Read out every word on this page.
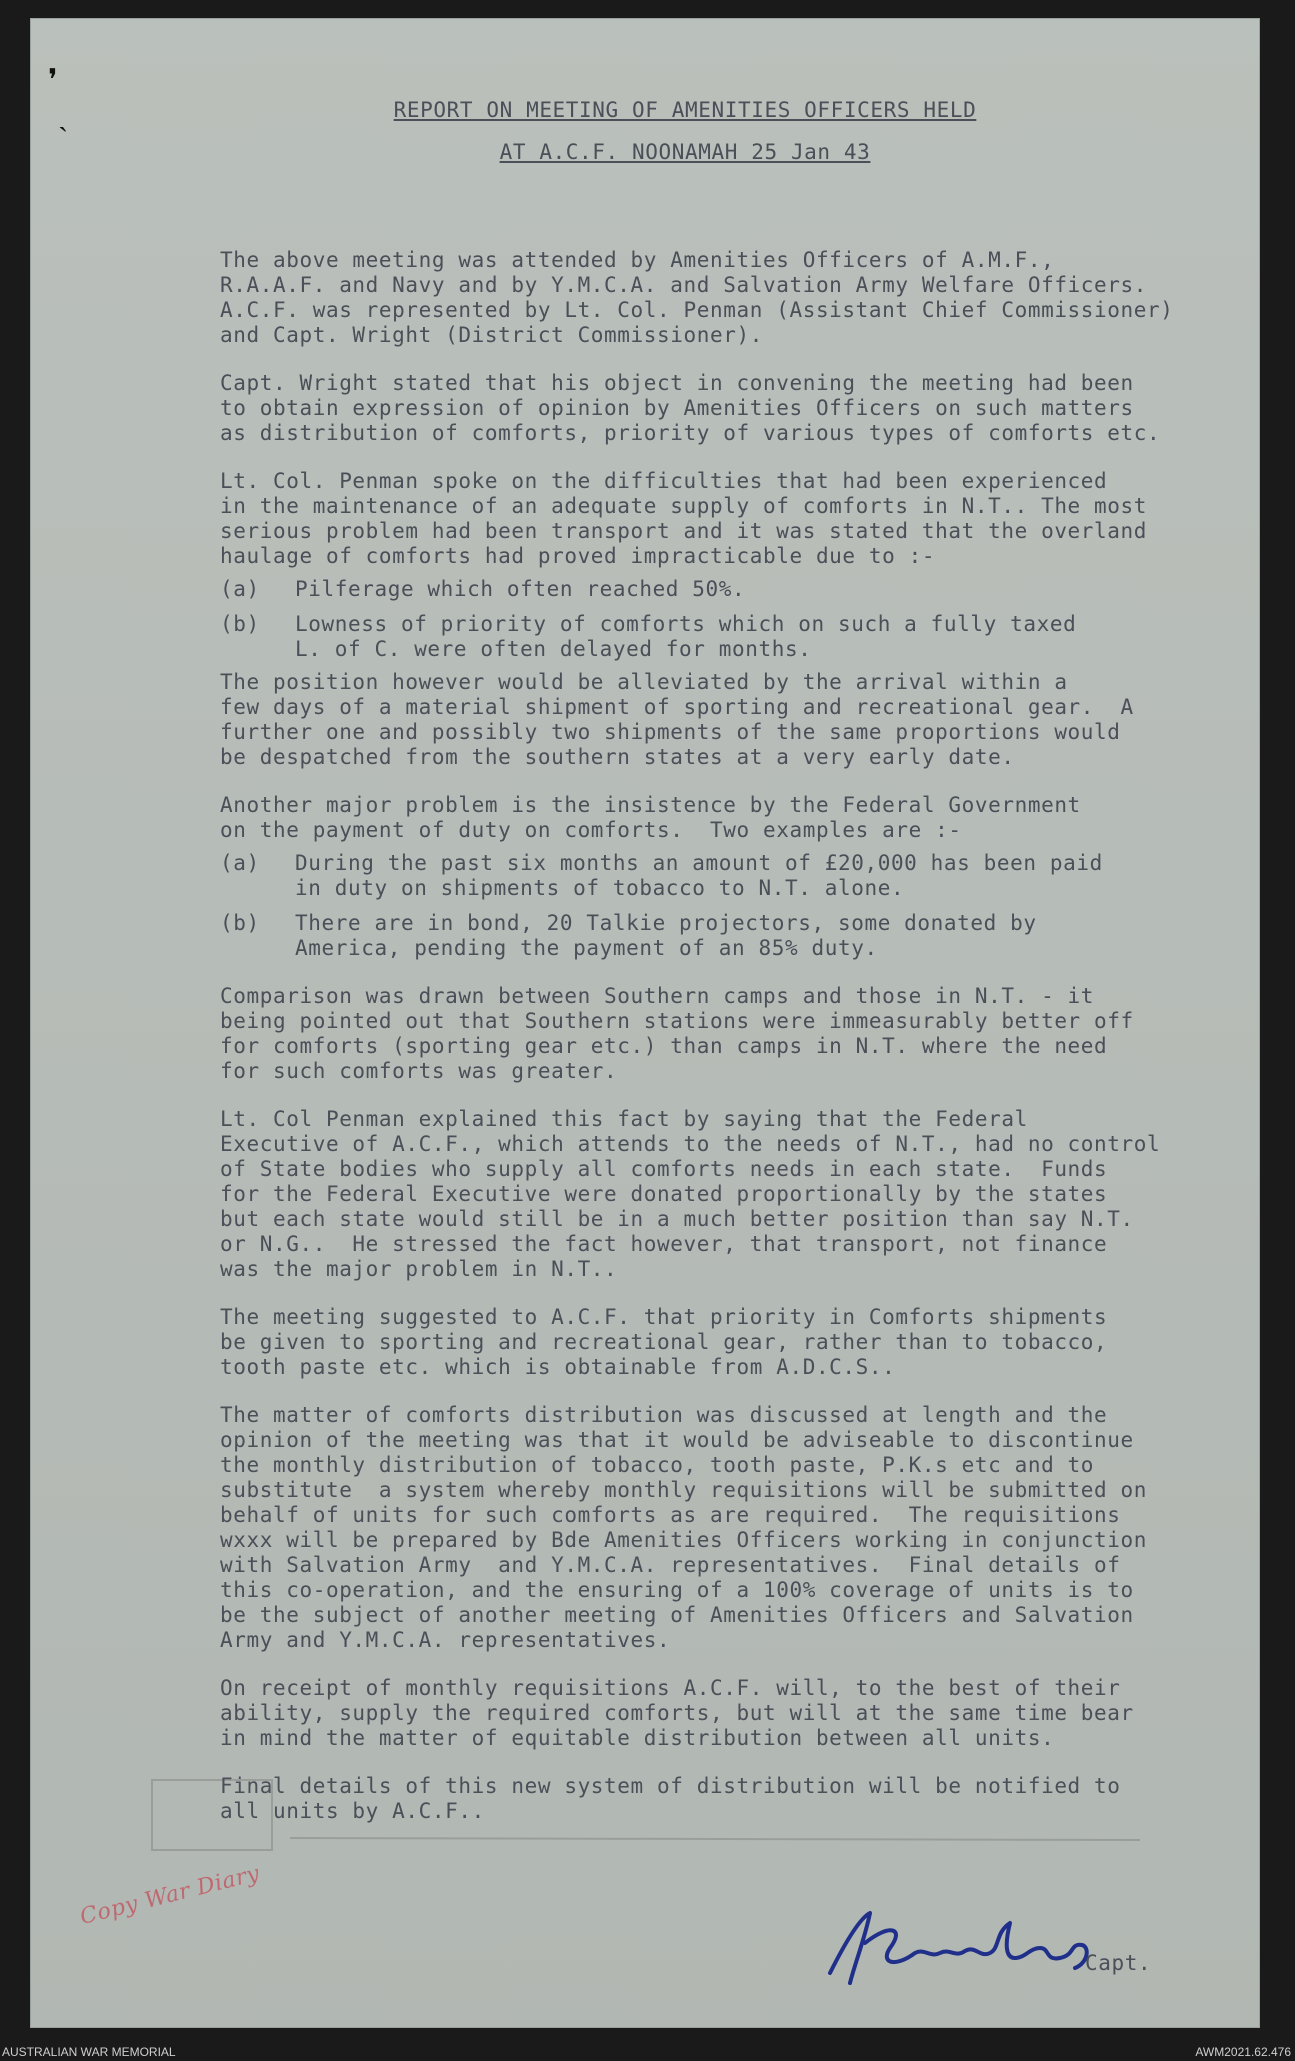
❜
ˏ	REPORT ON MEETING OF AMENITIES OFFICERS HELD
AT A.C.F. NOONAMAH 25 Jan 43

The above meeting was attended by Amenities Officers of A.M.F.,
R.A.A.F. and Navy and by Y.M.C.A. and Salvation Army Welfare Officers.
A.C.F. was represented by Lt. Col. Penman (Assistant Chief Commissioner)
and Capt. Wright (District Commissioner).

Capt. Wright stated that his object in convening the meeting had been
to obtain expression of opinion by Amenities Officers on such matters
as distribution of comforts, priority of various types of comforts etc.

Lt. Col. Penman spoke on the difficulties that had been experienced
in the maintenance of an adequate supply of comforts in N.T.. The most
serious problem had been transport and it was stated that the overland
haulage of comforts had proved impracticable due to :-

(a)	Pilferage which often reached 50%.
(b)	Lowness of priority of comforts which on such a fully taxed
L. of C. were often delayed for months.

The position however would be alleviated by the arrival within a
few days of a material shipment of sporting and recreational gear.  A
further one and possibly two shipments of the same proportions would
be despatched from the southern states at a very early date.

Another major problem is the insistence by the Federal Government
on the payment of duty on comforts.  Two examples are :-

(a)	During the past six months an amount of £20,000 has been paid
in duty on shipments of tobacco to N.T. alone.
(b)	There are in bond, 20 Talkie projectors, some donated by
America, pending the payment of an 85% duty.

Comparison was drawn between Southern camps and those in N.T. - it
being pointed out that Southern stations were immeasurably better off
for comforts (sporting gear etc.) than camps in N.T. where the need
for such comforts was greater.

Lt. Col Penman explained this fact by saying that the Federal
Executive of A.C.F., which attends to the needs of N.T., had no control
of State bodies who supply all comforts needs in each state.  Funds
for the Federal Executive were donated proportionally by the states
but each state would still be in a much better position than say N.T.
or N.G..  He stressed the fact however, that transport, not finance
was the major problem in N.T..

The meeting suggested to A.C.F. that priority in Comforts shipments
be given to sporting and recreational gear, rather than to tobacco,
tooth paste etc. which is obtainable from A.D.C.S..

The matter of comforts distribution was discussed at length and the
opinion of the meeting was that it would be adviseable to discontinue
the monthly distribution of tobacco, tooth paste, P.K.s etc and to
substitute  a system whereby monthly requisitions will be submitted on
behalf of units for such comforts as are required.  The requisitions
wxxx will be prepared by Bde Amenities Officers working in conjunction
with Salvation Army  and Y.M.C.A. representatives.  Final details of
this co-operation, and the ensuring of a 100% coverage of units is to
be the subject of another meeting of Amenities Officers and Salvation
Army and Y.M.C.A. representatives.

On receipt of monthly requisitions A.C.F. will, to the best of their
ability, supply the required comforts, but will at the same time bear
in mind the matter of equitable distribution between all units.

Final details of this new system of distribution will be notified to
all units by A.C.F..

Copy War Diary
Capt.
AUSTRALIAN WAR MEMORIAL	AWM2021.62.476
